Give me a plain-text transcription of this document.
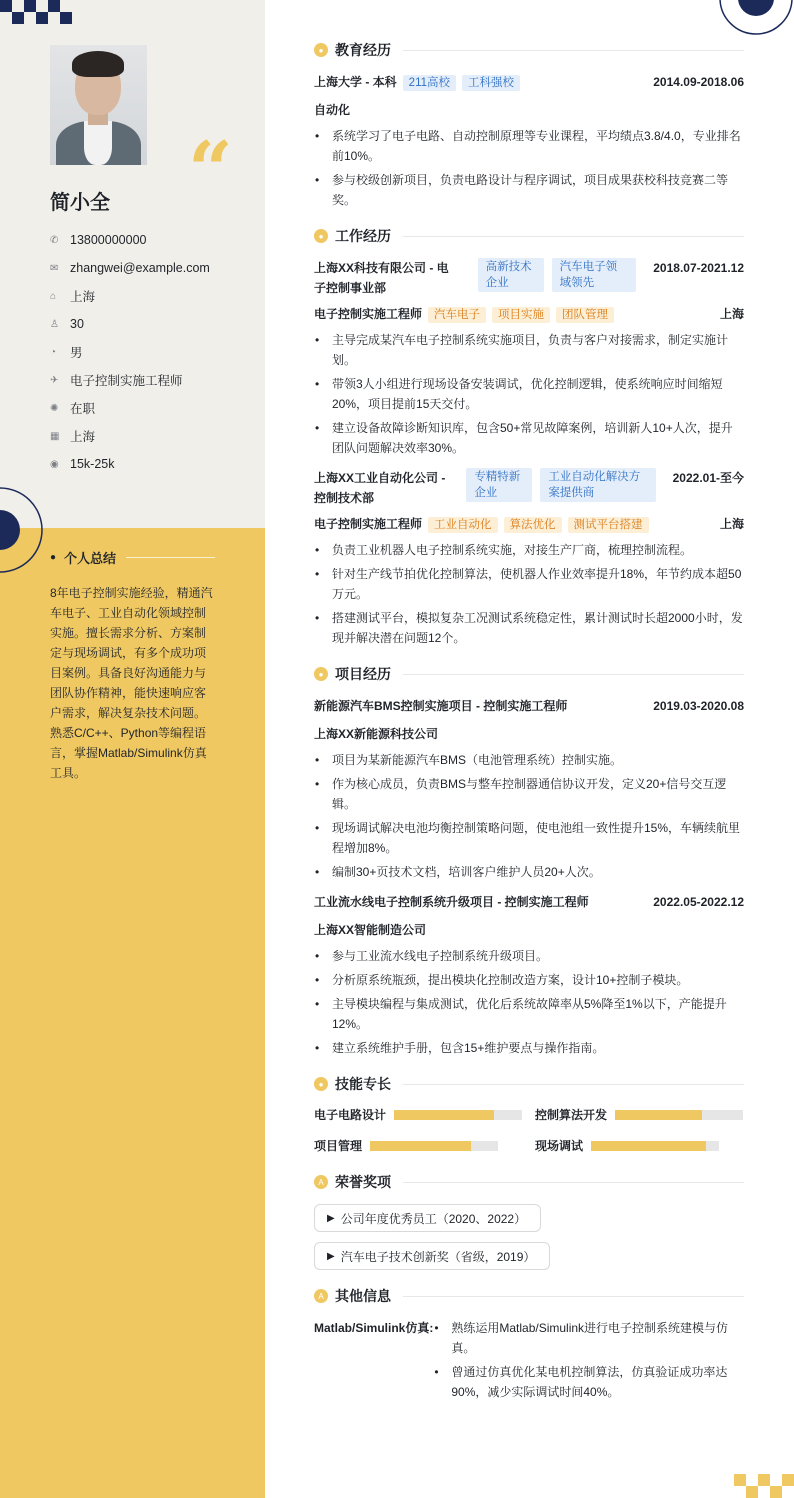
“
简小全
✆ 13800000000
✉ zhangwei@example.com
⌂	上海
♙ 30
◔	男
✈ 电子控制实施工程师
✺ 在职
▦ 上海
◉ 15k-25k
● 个人总结
8年电子控制实施经验，精通汽车电子、工业自动化领域控制实施。擅长需求分析、方案制定与现场调试，有多个成功项目案例。具备良好沟通能力与团队协作精神，能快速响应客户需求，解决复杂技术问题。熟悉C/C++、Python等编程语言，掌握Matlab/Simulink仿真工具。
● 教育经历
上海大学 - 本科 211高校 工科强校	2014.09-2018.06
自动化
• 系统学习了电子电路、自动控制原理等专业课程，平均绩点3.8/4.0，专业排名前10%。
• 参与校级创新项目，负责电路设计与程序调试，项目成果获校科技竞赛二等奖。
● 工作经历
上海XX科技有限公司 - 电子控制事业部
高新技术企业
汽车电子领域领先
2018.07-2021.12
电子控制实施工程师 汽车电子 项目实施 团队管理	上海
• 主导完成某汽车电子控制系统实施项目，负责与客户对接需求，制定实施计划。
• 带领3人小组进行现场设备安装调试，优化控制逻辑，使系统响应时间缩短20%，项目提前15天交付。
• 建立设备故障诊断知识库，包含50+常见故障案例，培训新人10+人次，提升团队问题解决效率30%。
上海XX工业自动化公司 - 控制技术部
专精特新企业
工业自动化解决方案提供商
2022.01-至今
电子控制实施工程师 工业自动化 算法优化 测试平台搭建	上海
• 负责工业机器人电子控制系统实施，对接生产厂商，梳理控制流程。
• 针对生产线节拍优化控制算法，使机器人作业效率提升18%，年节约成本超50万元。
• 搭建测试平台，模拟复杂工况测试系统稳定性，累计测试时长超2000小时，发现并解决潜在问题12个。
● 项目经历
新能源汽车BMS控制实施项目 - 控制实施工程师	2019.03-2020.08
上海XX新能源科技公司
• 项目为某新能源汽车BMS（电池管理系统）控制实施。
• 作为核心成员，负责BMS与整车控制器通信协议开发，定义20+信号交互逻辑。
• 现场调试解决电池均衡控制策略问题，使电池组一致性提升15%，车辆续航里程增加8%。
• 编制30+页技术文档，培训客户维护人员20+人次。
工业流水线电子控制系统升级项目 - 控制实施工程师	2022.05-2022.12
上海XX智能制造公司
• 参与工业流水线电子控制系统升级项目。
• 分析原系统瓶颈，提出模块化控制改造方案，设计10+控制子模块。
• 主导模块编程与集成测试，优化后系统故障率从5%降至1%以下，产能提升12%。
• 建立系统维护手册，包含15+维护要点与操作指南。
● 技能专长
电子电路设计	控制算法开发
项目管理	现场调试
A 荣誉奖项
▶ 公司年度优秀员工（2020、2022）

▶ 汽车电子技术创新奖（省级，2019）
A 其他信息
Matlab/Simulink仿真:
•	熟练运用Matlab/Simulink进行电子控制系统建模与仿真。
• 曾通过仿真优化某电机控制算法，仿真验证成功率达90%，减少实际调试时间40%。
